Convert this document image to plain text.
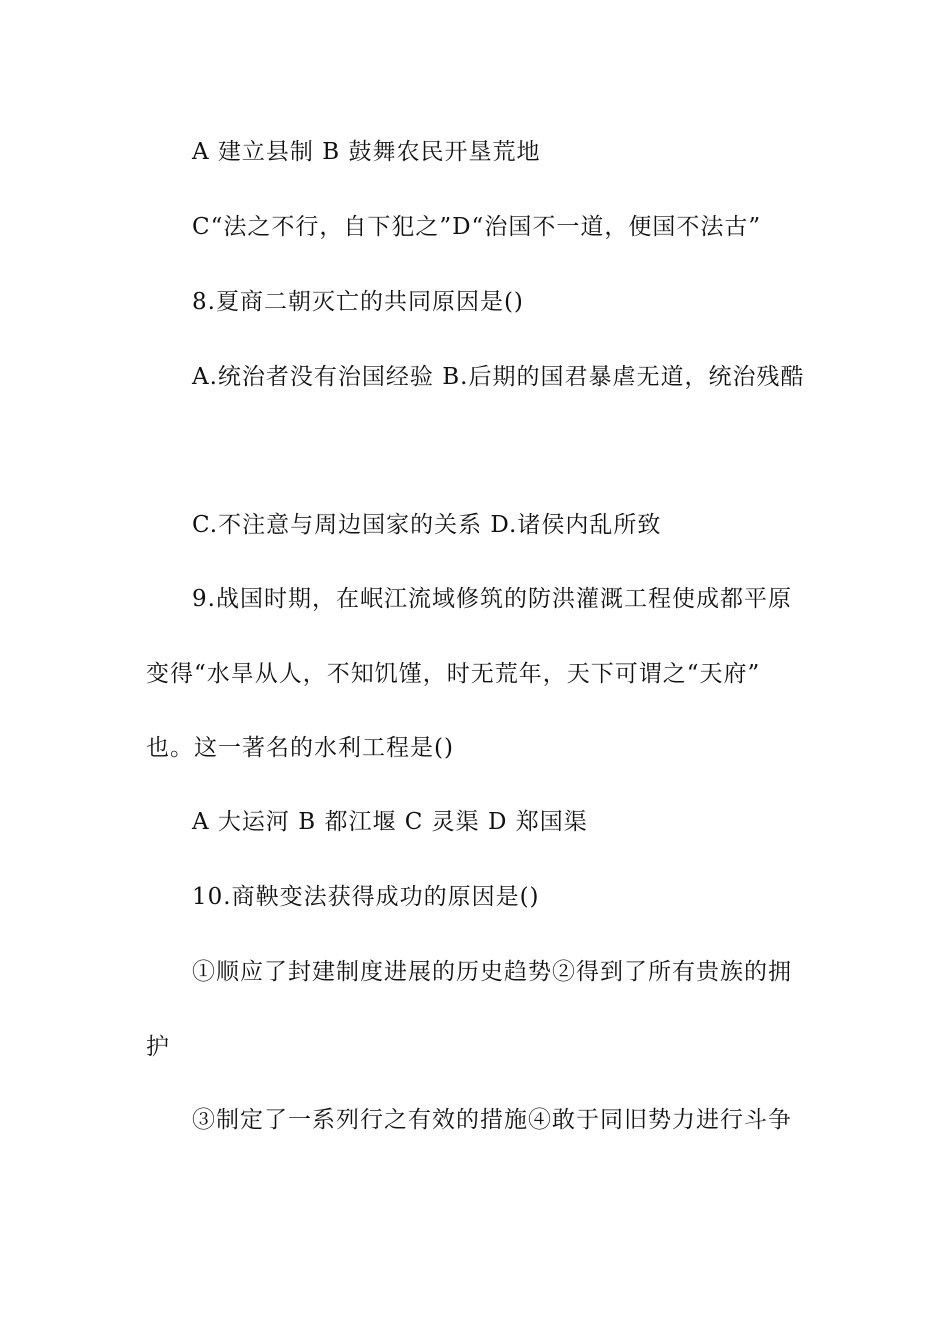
A 建立县制 B 鼓舞农民开垦荒地
C“法之不行，自下犯之”D“治国不一道，便国不法古”
8.夏商二朝灭亡的共同原因是()
A.统治者没有治国经验 B.后期的国君暴虐无道，统治残酷
C.不注意与周边国家的关系 D.诸侯内乱所致
9.战国时期，在岷江流域修筑的防洪灌溉工程使成都平原
变得“水旱从人，不知饥馑，时无荒年，天下可谓之“天府”
也。这一著名的水利工程是()
A 大运河 B 都江堰 C 灵渠 D 郑国渠
10.商鞅变法获得成功的原因是()
①顺应了封建制度进展的历史趋势②得到了所有贵族的拥
护
③制定了一系列行之有效的措施④敢于同旧势力进行斗争
